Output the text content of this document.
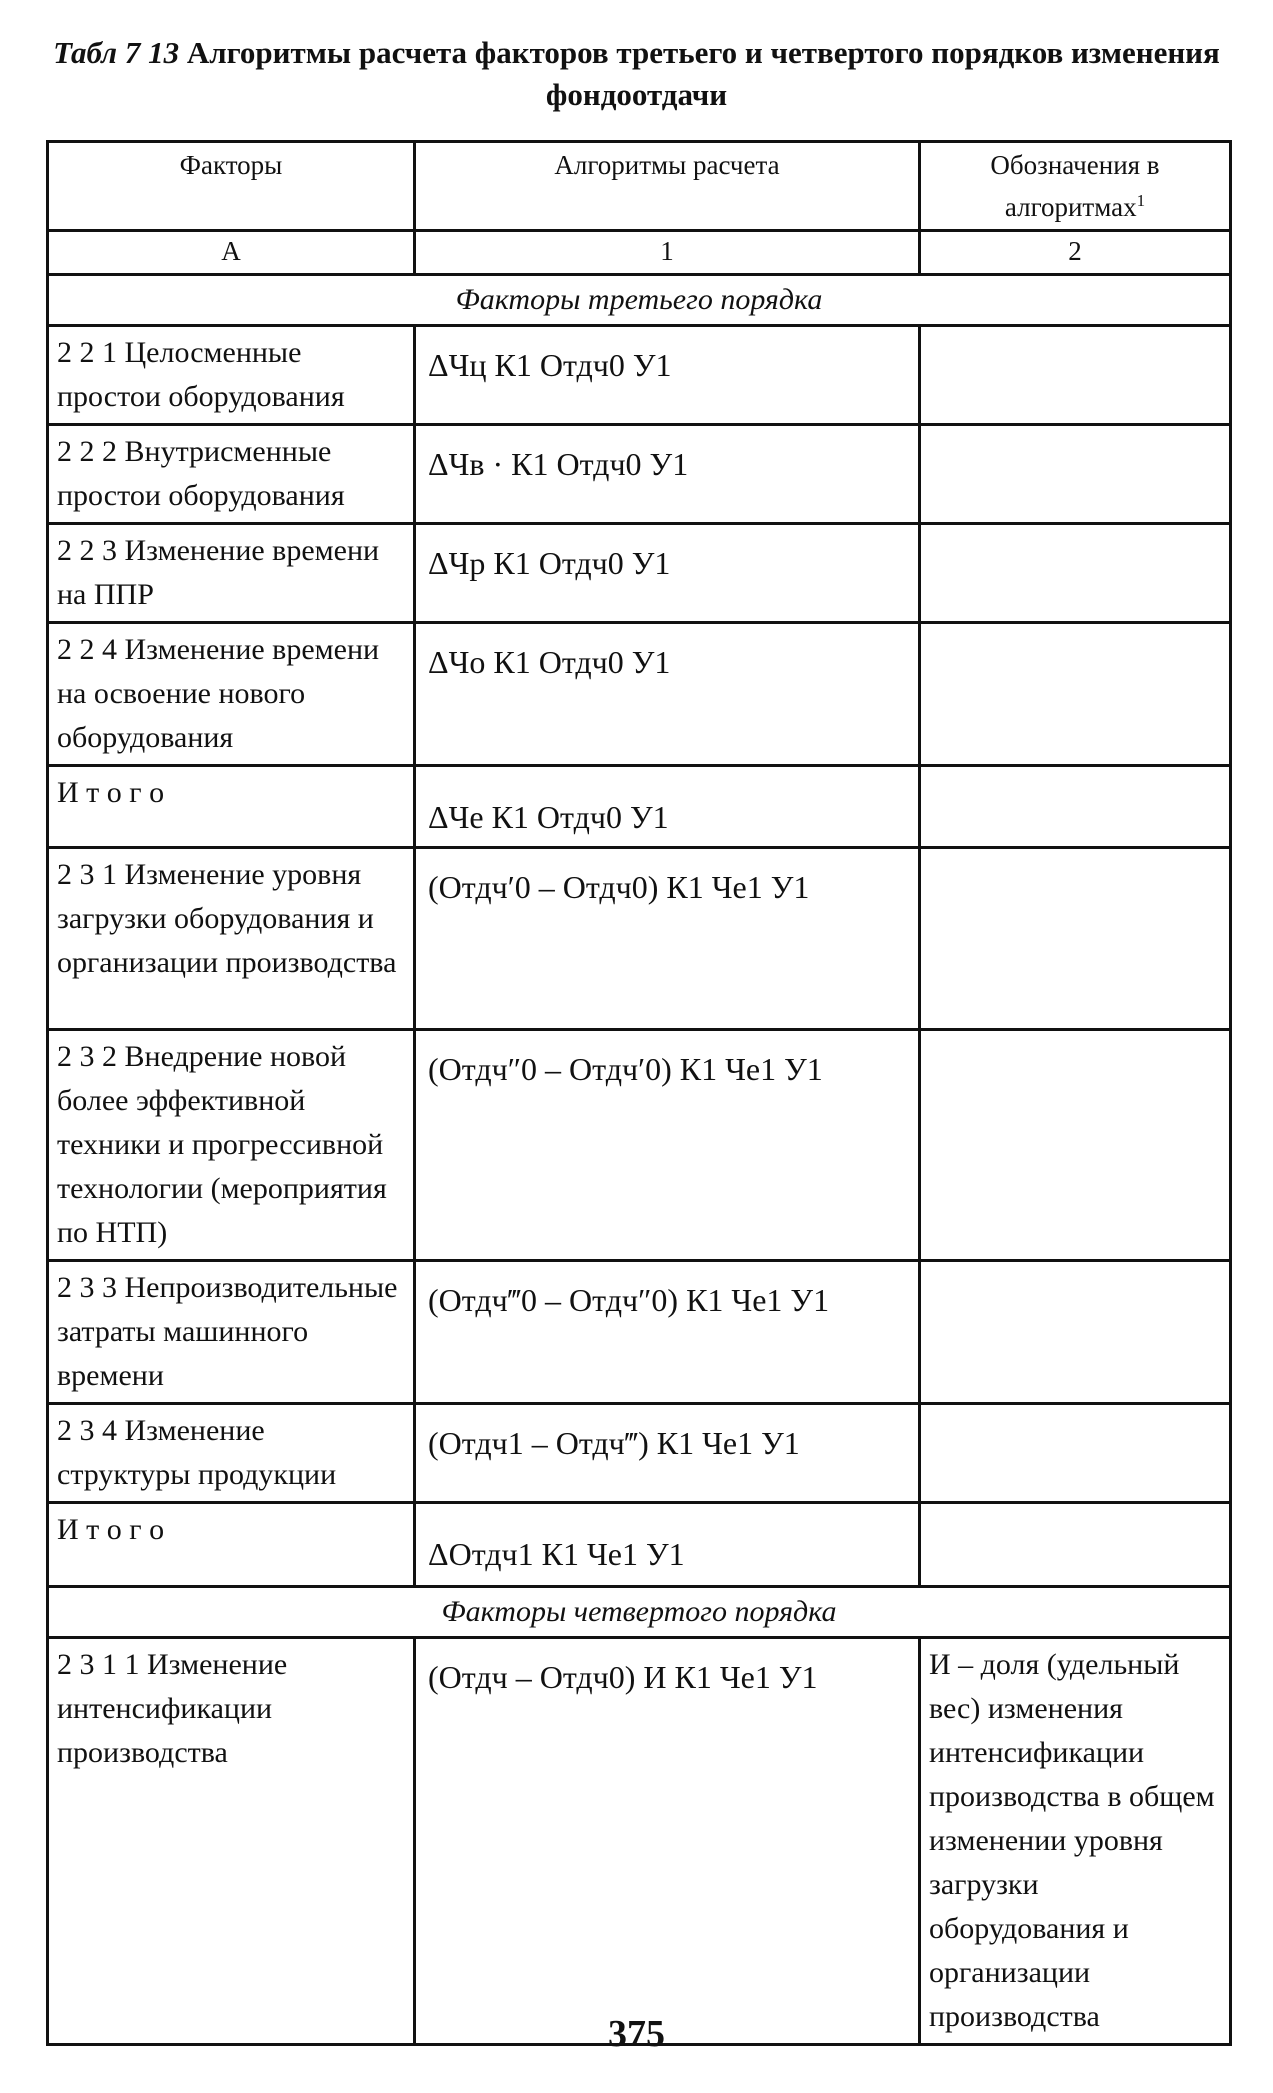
Табл 7 13 Алгоритмы расчета факторов третьего и четвертого порядков изменения фондоотдачи
Факторы	Алгоритмы расчета	Обозначения в алгоритмах$^1$
А	1	2
Факторы третьего порядка		
2 2 1 Целосменные простои оборудования	ΔЧц К1 Отдч0 У1	
2 2 2 Внутрисменные простои оборудования	ΔЧв · К1 Отдч0 У1	
2 2 3 Изменение времени на ППР	ΔЧр К1 Отдч0 У1	
2 2 4 Изменение времени на освоение нового оборудования	ΔЧо К1 Отдч0 У1	
И т о г о	ΔЧе К1 Отдч0 У1	
2 3 1 Изменение уровня загрузки оборудования и организации производства	(Отдч′0 – Отдч0) К1 Че1 У1	
2 3 2 Внедрение новой более эффективной техники и прогрессивной технологии (мероприятия по НТП)	(Отдч″0 – Отдч′0) К1 Че1 У1	
2 3 3 Непроизводительные затраты машинного времени	(Отдч‴0 – Отдч″0) К1 Че1 У1	
2 3 4 Изменение структуры продукции	(Отдч1 – Отдч‴) К1 Че1 У1	
И т о г о	ΔОтдч1 К1 Че1 У1	
Факторы четвертого порядка		
2 3 1 1 Изменение интенсификации производства	(Отдч – Отдч0) И К1 Че1 У1	И – доля (удельный вес) изменения интенсификации производства в общем изменении уровня загрузки оборудования и организации производства
375
